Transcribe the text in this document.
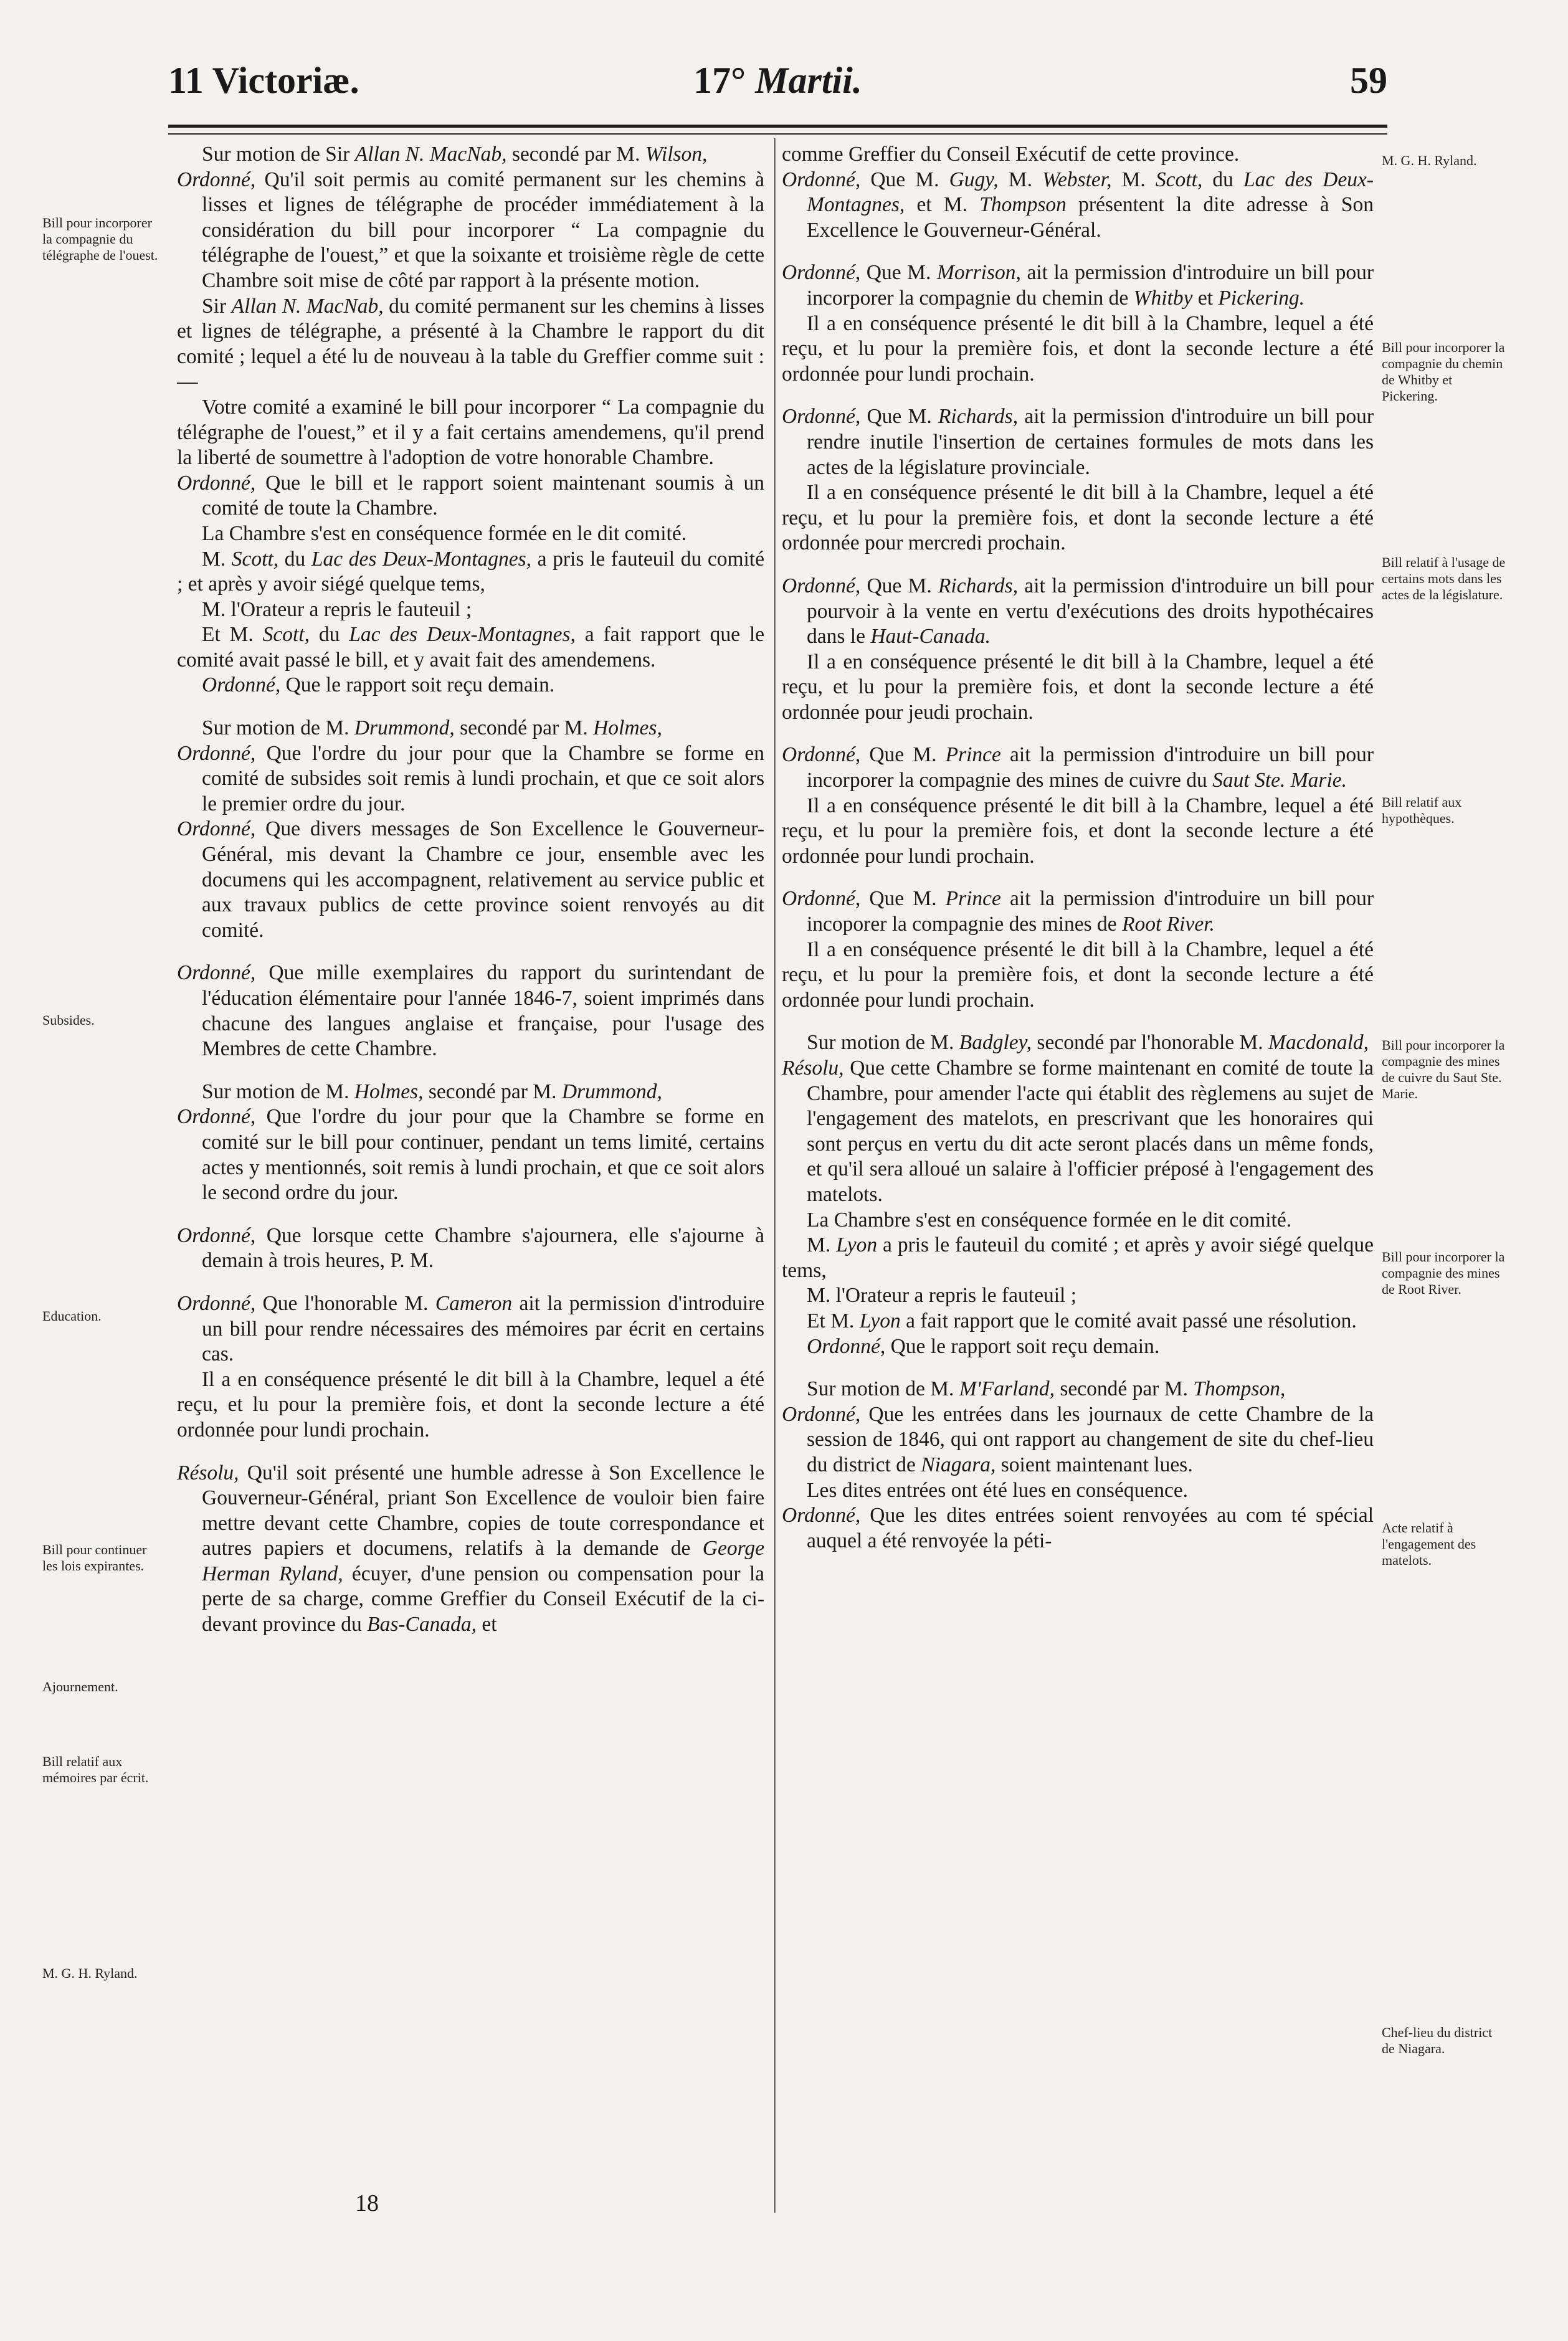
11 Victoriæ.	17° Martii.	59

Sur motion de Sir Allan N. MacNab, secondé par M. Wilson,

Ordonné, Qu'il soit permis au comité permanent sur les chemins à lisses et lignes de télégraphe de procéder immédiatement à la considération du bill pour incorporer “ La compagnie du télégraphe de l'ouest,” et que la soixante et troisième règle de cette Chambre soit mise de côté par rapport à la présente motion.

Sir Allan N. MacNab, du comité permanent sur les chemins à lisses et lignes de télégraphe, a présenté à la Chambre le rapport du dit comité ; lequel a été lu de nouveau à la table du Greffier comme suit :—

Votre comité a examiné le bill pour incorporer “ La compagnie du télégraphe de l'ouest,” et il y a fait certains amendemens, qu'il prend la liberté de soumettre à l'adoption de votre honorable Chambre.

Ordonné, Que le bill et le rapport soient maintenant soumis à un comité de toute la Chambre.

La Chambre s'est en conséquence formée en le dit comité.

M. Scott, du Lac des Deux-Montagnes, a pris le fauteuil du comité ; et après y avoir siégé quelque tems,

M. l'Orateur a repris le fauteuil ;

Et M. Scott, du Lac des Deux-Montagnes, a fait rapport que le comité avait passé le bill, et y avait fait des amendemens.

Ordonné, Que le rapport soit reçu demain.

Sur motion de M. Drummond, secondé par M. Holmes,

Ordonné, Que l'ordre du jour pour que la Chambre se forme en comité de subsides soit remis à lundi prochain, et que ce soit alors le premier ordre du jour.

Ordonné, Que divers messages de Son Excellence le Gouverneur-Général, mis devant la Chambre ce jour, ensemble avec les documens qui les accompagnent, relativement au service public et aux travaux publics de cette province soient renvoyés au dit comité.

Ordonné, Que mille exemplaires du rapport du surintendant de l'éducation élémentaire pour l'année 1846-7, soient imprimés dans chacune des langues anglaise et française, pour l'usage des Membres de cette Chambre.

Sur motion de M. Holmes, secondé par M. Drummond,

Ordonné, Que l'ordre du jour pour que la Chambre se forme en comité sur le bill pour continuer, pendant un tems limité, certains actes y mentionnés, soit remis à lundi prochain, et que ce soit alors le second ordre du jour.

Ordonné, Que lorsque cette Chambre s'ajournera, elle s'ajourne à demain à trois heures, P. M.

Ordonné, Que l'honorable M. Cameron ait la permission d'introduire un bill pour rendre nécessaires des mémoires par écrit en certains cas.

Il a en conséquence présenté le dit bill à la Chambre, lequel a été reçu, et lu pour la première fois, et dont la seconde lecture a été ordonnée pour lundi prochain.

Résolu, Qu'il soit présenté une humble adresse à Son Excellence le Gouverneur-Général, priant Son Excellence de vouloir bien faire mettre devant cette Chambre, copies de toute correspondance et autres papiers et documens, relatifs à la demande de George Herman Ryland, écuyer, d'une pension ou compensation pour la perte de sa charge, comme Greffier du Conseil Exécutif de la ci-devant province du Bas-Canada, et

comme Greffier du Conseil Exécutif de cette province.

Ordonné, Que M. Gugy, M. Webster, M. Scott, du Lac des Deux-Montagnes, et M. Thompson présentent la dite adresse à Son Excellence le Gouverneur-Général.

Ordonné, Que M. Morrison, ait la permission d'introduire un bill pour incorporer la compagnie du chemin de Whitby et Pickering.

Il a en conséquence présenté le dit bill à la Chambre, lequel a été reçu, et lu pour la première fois, et dont la seconde lecture a été ordonnée pour lundi prochain.

Ordonné, Que M. Richards, ait la permission d'introduire un bill pour rendre inutile l'insertion de certaines formules de mots dans les actes de la législature provinciale.

Il a en conséquence présenté le dit bill à la Chambre, lequel a été reçu, et lu pour la première fois, et dont la seconde lecture a été ordonnée pour mercredi prochain.

Ordonné, Que M. Richards, ait la permission d'introduire un bill pour pourvoir à la vente en vertu d'exécutions des droits hypothécaires dans le Haut-Canada.

Il a en conséquence présenté le dit bill à la Chambre, lequel a été reçu, et lu pour la première fois, et dont la seconde lecture a été ordonnée pour jeudi prochain.

Ordonné, Que M. Prince ait la permission d'introduire un bill pour incorporer la compagnie des mines de cuivre du Saut Ste. Marie.

Il a en conséquence présenté le dit bill à la Chambre, lequel a été reçu, et lu pour la première fois, et dont la seconde lecture a été ordonnée pour lundi prochain.

Ordonné, Que M. Prince ait la permission d'introduire un bill pour incoporer la compagnie des mines de Root River.

Il a en conséquence présenté le dit bill à la Chambre, lequel a été reçu, et lu pour la première fois, et dont la seconde lecture a été ordonnée pour lundi prochain.

Sur motion de M. Badgley, secondé par l'honorable M. Macdonald,

Résolu, Que cette Chambre se forme maintenant en comité de toute la Chambre, pour amender l'acte qui établit des règlemens au sujet de l'engagement des matelots, en prescrivant que les honoraires qui sont perçus en vertu du dit acte seront placés dans un même fonds, et qu'il sera alloué un salaire à l'officier préposé à l'engagement des matelots.

La Chambre s'est en conséquence formée en le dit comité.

M. Lyon a pris le fauteuil du comité ; et après y avoir siégé quelque tems,

M. l'Orateur a repris le fauteuil ;

Et M. Lyon a fait rapport que le comité avait passé une résolution.

Ordonné, Que le rapport soit reçu demain.

Sur motion de M. M'Farland, secondé par M. Thompson,

Ordonné, Que les entrées dans les journaux de cette Chambre de la session de 1846, qui ont rapport au changement de site du chef-lieu du district de Niagara, soient maintenant lues.

Les dites entrées ont été lues en conséquence.

Ordonné, Que les dites entrées soient renvoyées au com té spécial auquel a été renvoyée la péti-

Bill pour incorporer la compagnie du télégraphe de l'ouest.
Subsides.
Education.
Bill pour continuer les lois expirantes.
Ajournement.
Bill relatif aux mémoires par écrit.
M. G. H. Ryland.
M. G. H. Ryland.
Bill pour incorporer la compagnie du chemin de Whitby et Pickering.
Bill relatif à l'usage de certains mots dans les actes de la législature.
Bill relatif aux hypothèques.
Bill pour incorporer la compagnie des mines de cuivre du Saut Ste. Marie.
Bill pour incorporer la compagnie des mines de Root River.
Acte relatif à l'engagement des matelots.
Chef-lieu du district de Niagara.
18
